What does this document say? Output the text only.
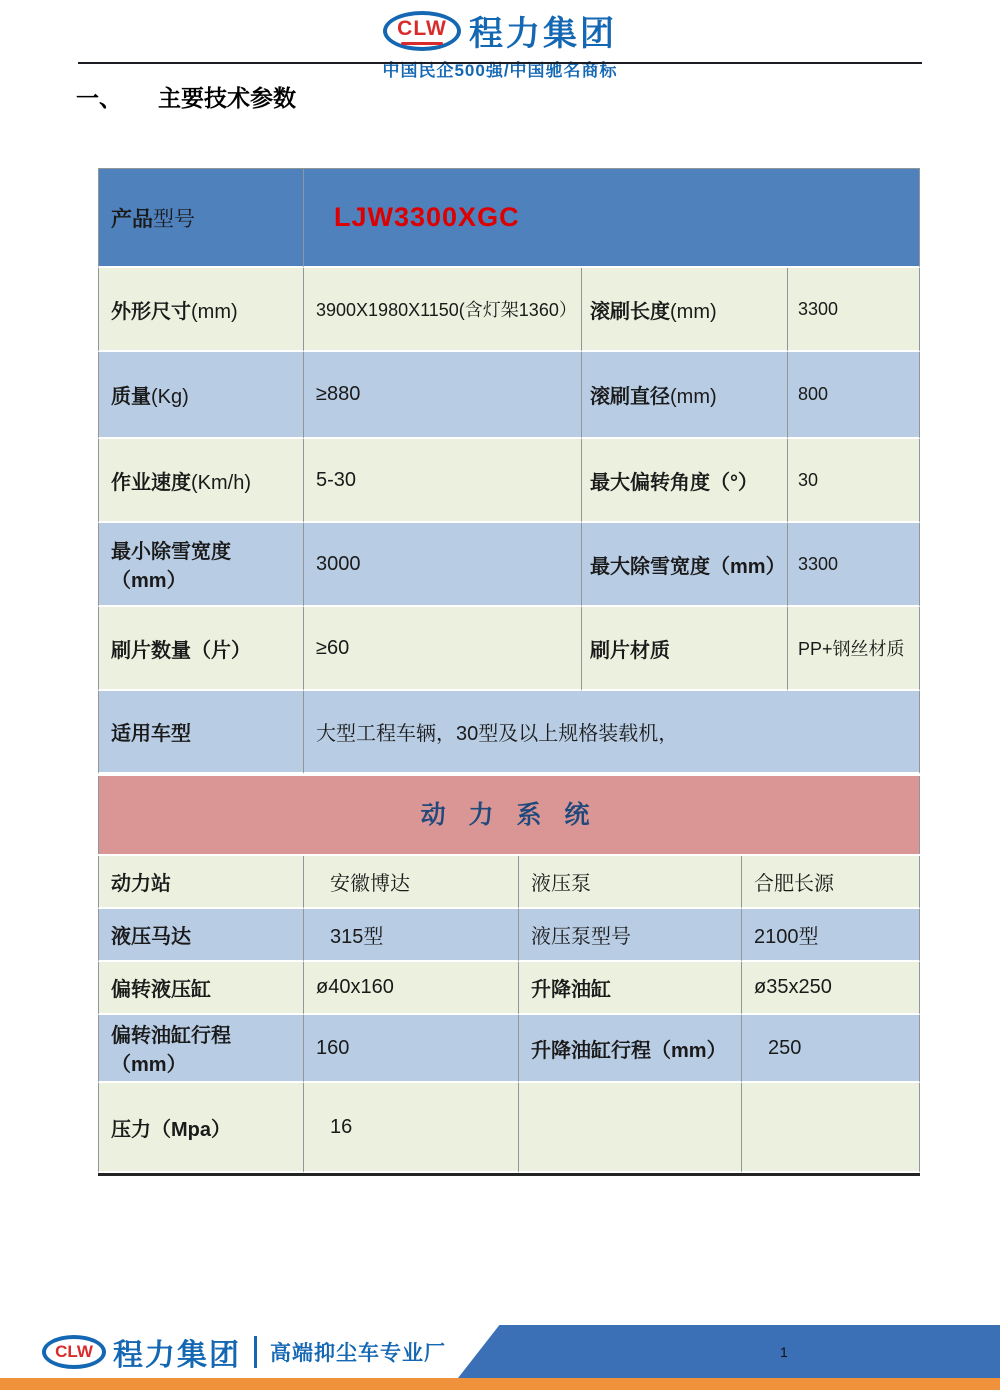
CLW 程力集团
中国民企500强/中国驰名商标
一、 主要技术参数
产品型号	LJW3300XGC		
外形尺寸(mm)	3900X1980X1150(含灯架1360）	滚刷长度(mm)	3300
质量(Kg)	≥880	滚刷直径(mm)	800
作业速度(Km/h)	5-30	最大偏转角度（°）	30
最小除雪宽度（mm）	3000	最大除雪宽度（mm）	3300
刷片数量（片）	≥60	刷片材质	PP+钢丝材质
适用车型	大型工程车辆，30型及以上规格装载机，		
动 力 系 统
动力站	安徽博达	液压泵	合肥长源
液压马达	315型	液压泵型号	2100型
偏转液压缸	ø40x160	升降油缸	ø35x250
偏转油缸行程（mm）	160	升降油缸行程（mm）	250
压力（Mpa）	16		
CLW 程力集团 高端抑尘车专业厂	1
